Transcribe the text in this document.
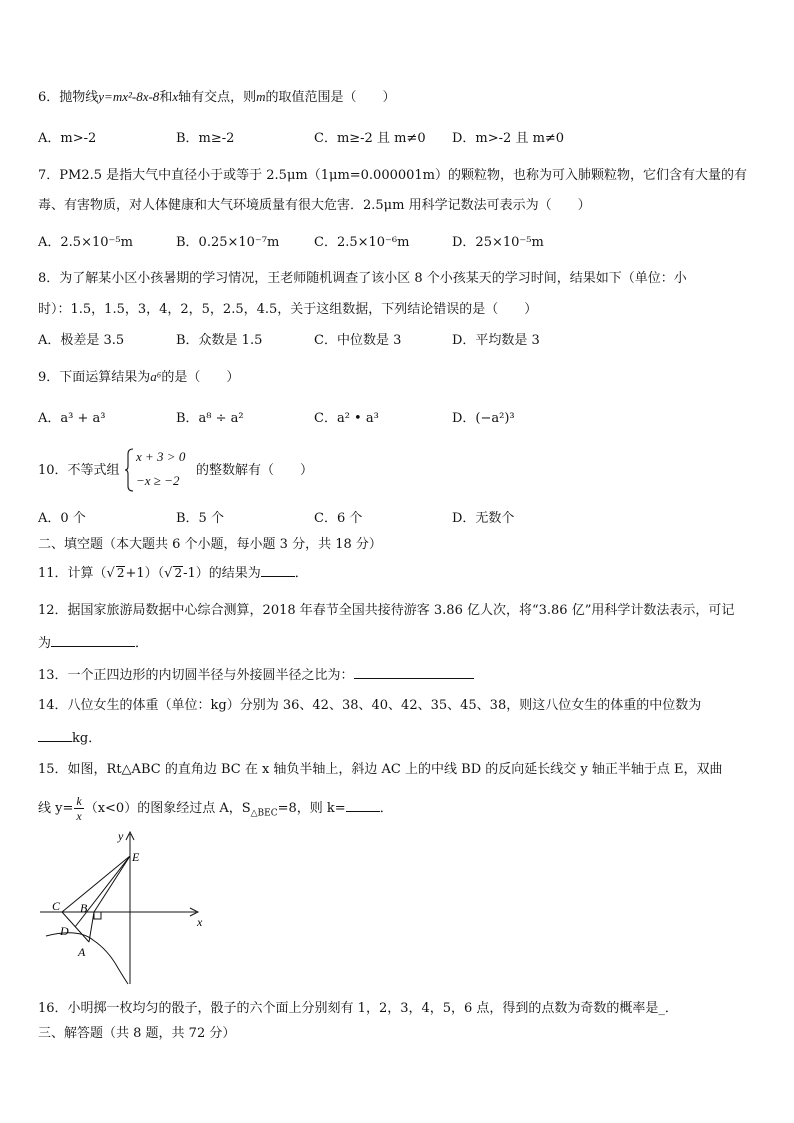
6．抛物线y=mx²-8x-8和x轴有交点，则m的取值范围是（　　）
A．m>-2	B．m≥-2	C．m≥-2 且 m≠0 D．m>-2 且 m≠0
7．PM2.5 是指大气中直径小于或等于 2.5μm（1μm=0.000001m）的颗粒物，也称为可入肺颗粒物，它们含有大量的有
毒、有害物质，对人体健康和大气环境质量有很大危害．2.5μm 用科学记数法可表示为（　　）
A．2.5×10⁻⁵m	B．0.25×10⁻⁷m	C．2.5×10⁻⁶m	D．25×10⁻⁵m
8．为了解某小区小孩暑期的学习情况，王老师随机调查了该小区 8 个小孩某天的学习时间，结果如下（单位：小
时）：1.5，1.5，3，4，2，5，2.5，4.5，关于这组数据，下列结论错误的是（　　）
A．极差是 3.5	B．众数是 1.5	C．中位数是 3	D．平均数是 3
9．下面运算结果为a⁶的是（　　）
A．a³ + a³	B．a⁸ ÷ a²	C．a² • a³	D．(−a²)³
10．不等式组
x + 3 > 0
−x ≥ −2
的整数解有（　　）
A．0 个	B．5 个	C．6 个	D．无数个
二、填空题（本大题共 6 个小题，每小题 3 分，共 18 分）
11．计算（√ 2+1）（√ 2-1）的结果为	．
12．据国家旅游局数据中心综合测算，2018 年春节全国共接待游客 3.86 亿人次，将“3.86 亿”用科学计数法表示，可记
为	．
13．一个正四边形的内切圆半径与外接圆半径之比为：
14．八位女生的体重（单位：kg）分别为 36、42、38、40、42、35、45、38，则这八位女生的体重的中位数为
kg．
15．如图，Rt△ABC 的直角边 BC 在 x 轴负半轴上，斜边 AC 上的中线 BD 的反向延长线交 y 轴正半轴于点 E，双曲
线 $y= \frac{k}{x} (x<0)$的图象经过点 A，$S_{\triangle BEC}=8$，则 k=	．
y
x
E
C B
D
A
16．小明掷一枚均匀的骰子，骰子的六个面上分别刻有 1，2，3，4，5，6 点，得到的点数为奇数的概率是_．
三、解答题（共 8 题，共 72 分）
